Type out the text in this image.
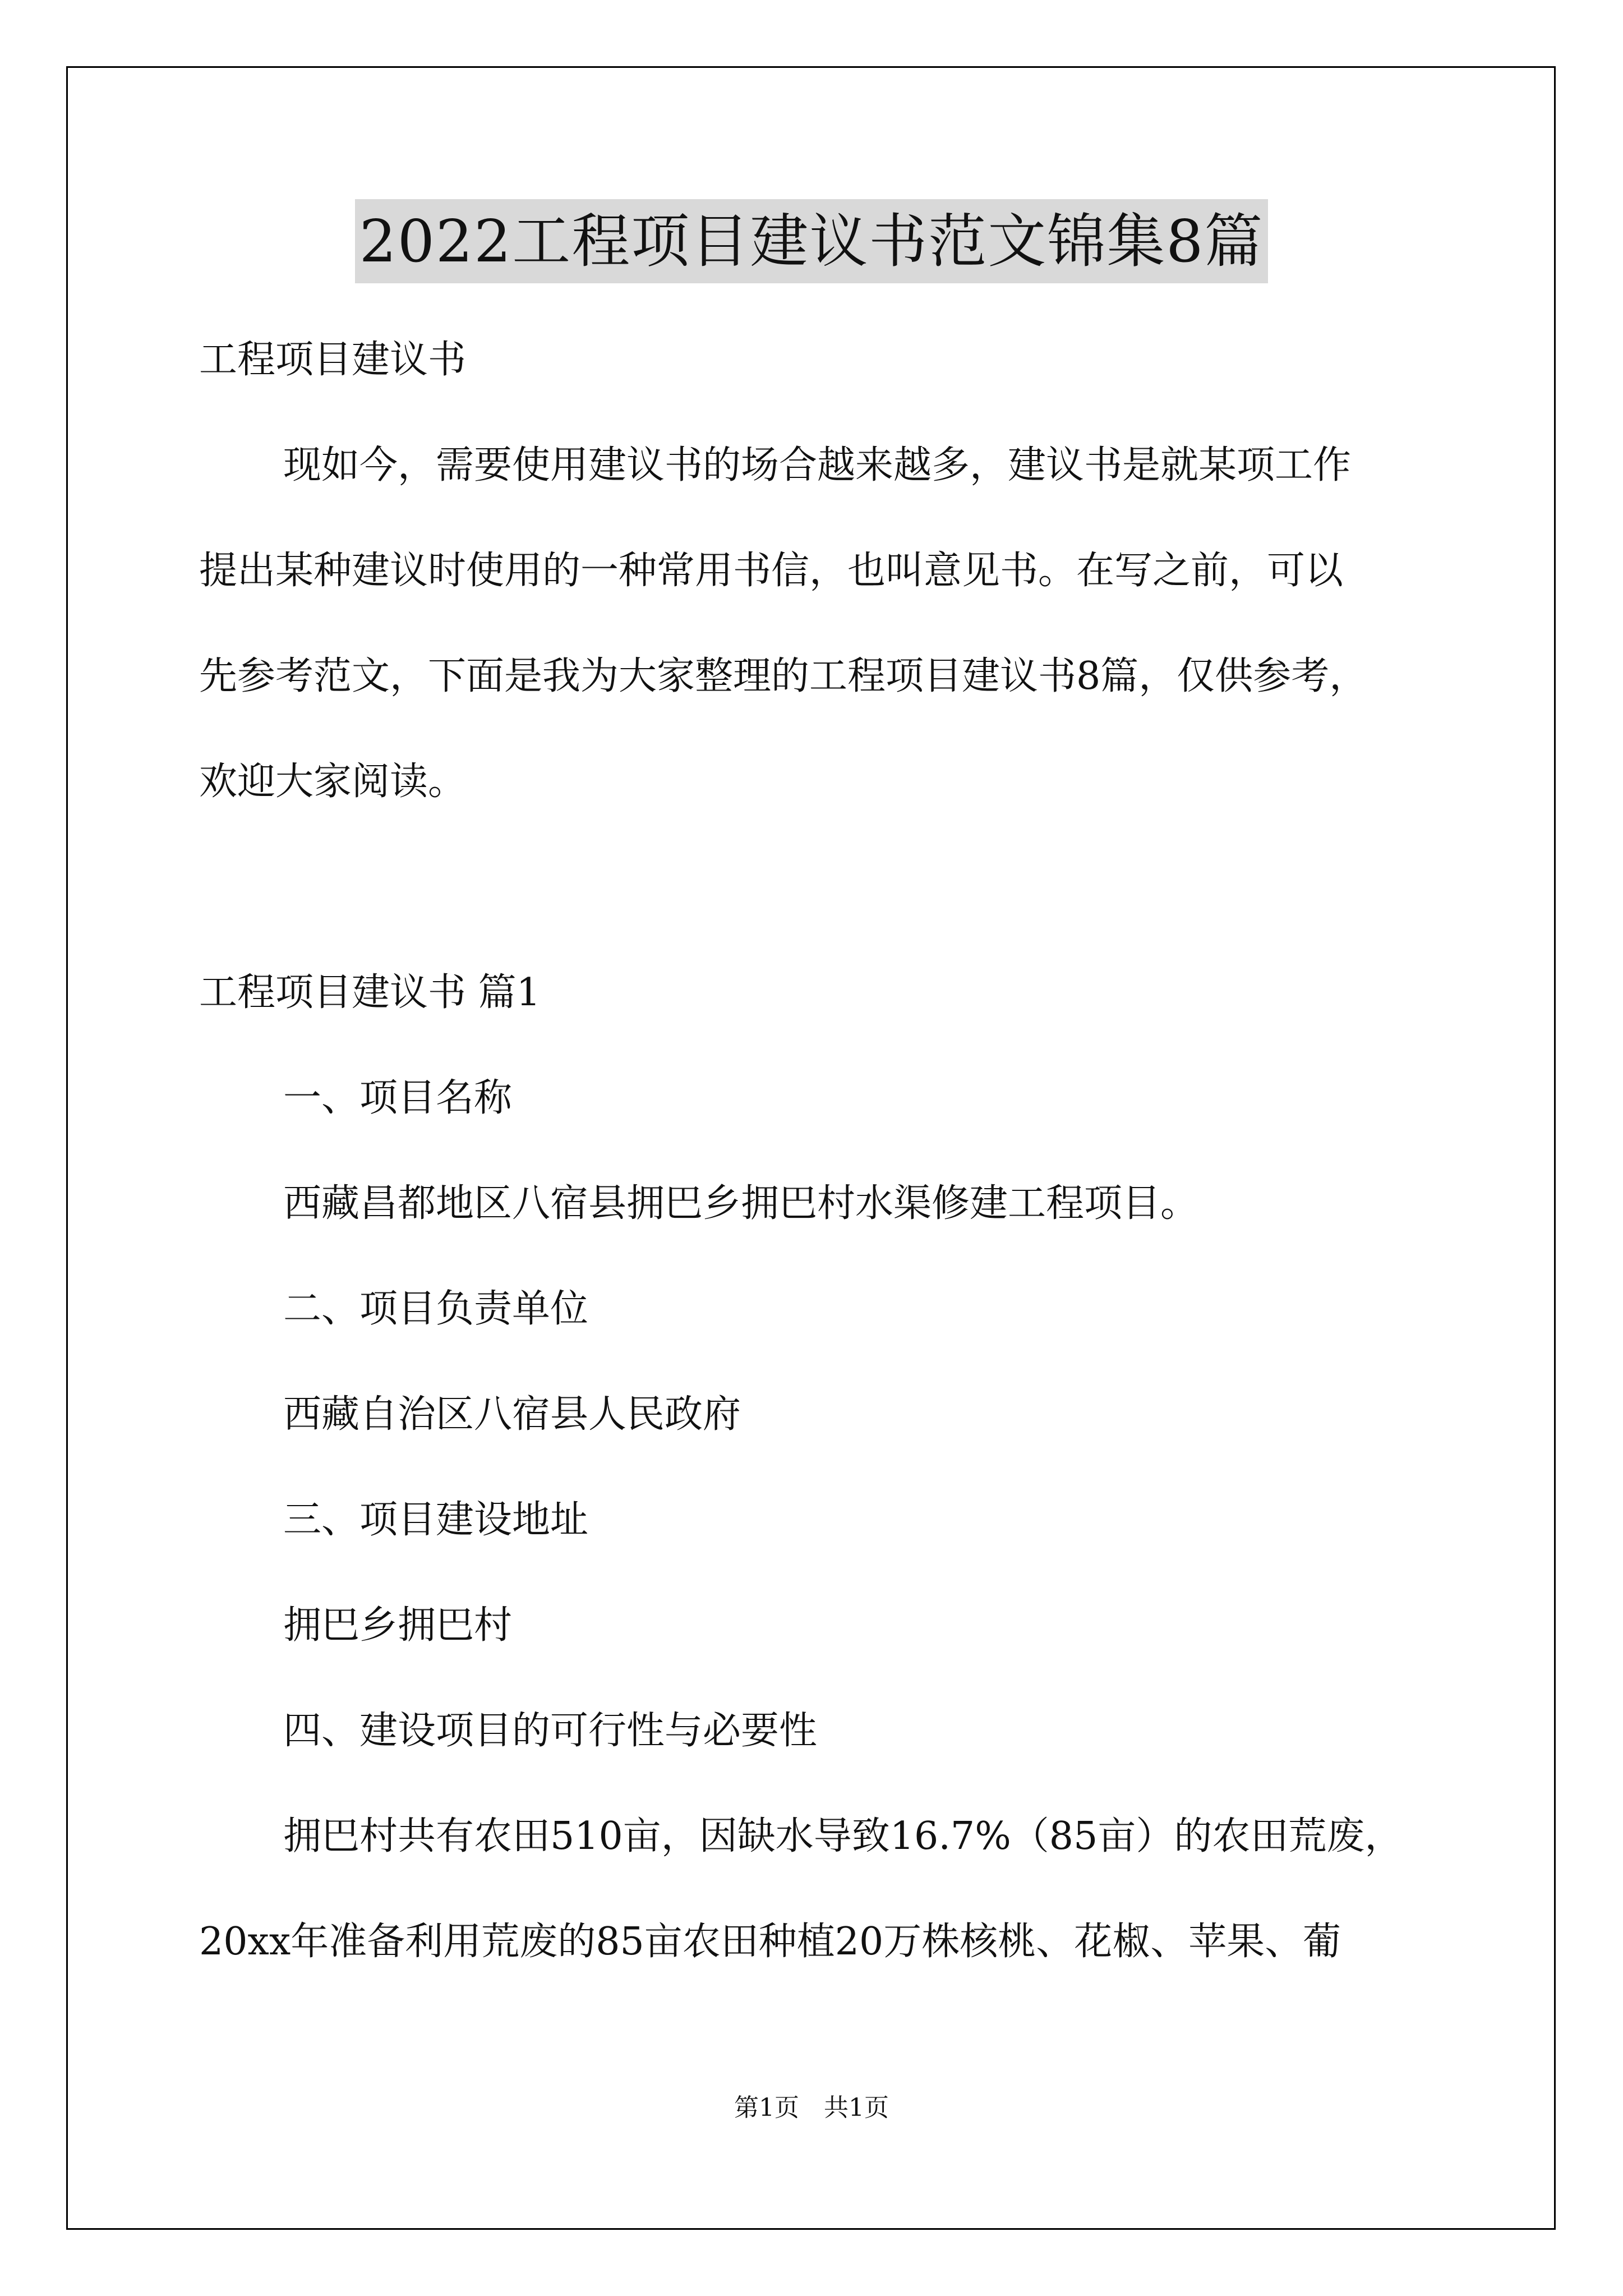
2022工程项目建议书范文锦集8篇

工程项目建议书

现如今，需要使用建议书的场合越来越多，建议书是就某项工作

提出某种建议时使用的一种常用书信，也叫意见书。在写之前，可以

先参考范文，下面是我为大家整理的工程项目建议书8篇，仅供参考，

欢迎大家阅读。

工程项目建议书 篇1

一、项目名称

西藏昌都地区八宿县拥巴乡拥巴村水渠修建工程项目。

二、项目负责单位

西藏自治区八宿县人民政府

三、项目建设地址

拥巴乡拥巴村

四、建设项目的可行性与必要性

拥巴村共有农田510亩，因缺水导致16.7%（85亩）的农田荒废，

20xx年准备利用荒废的85亩农田种植20万株核桃、花椒、苹果、葡

第1页　共1页
